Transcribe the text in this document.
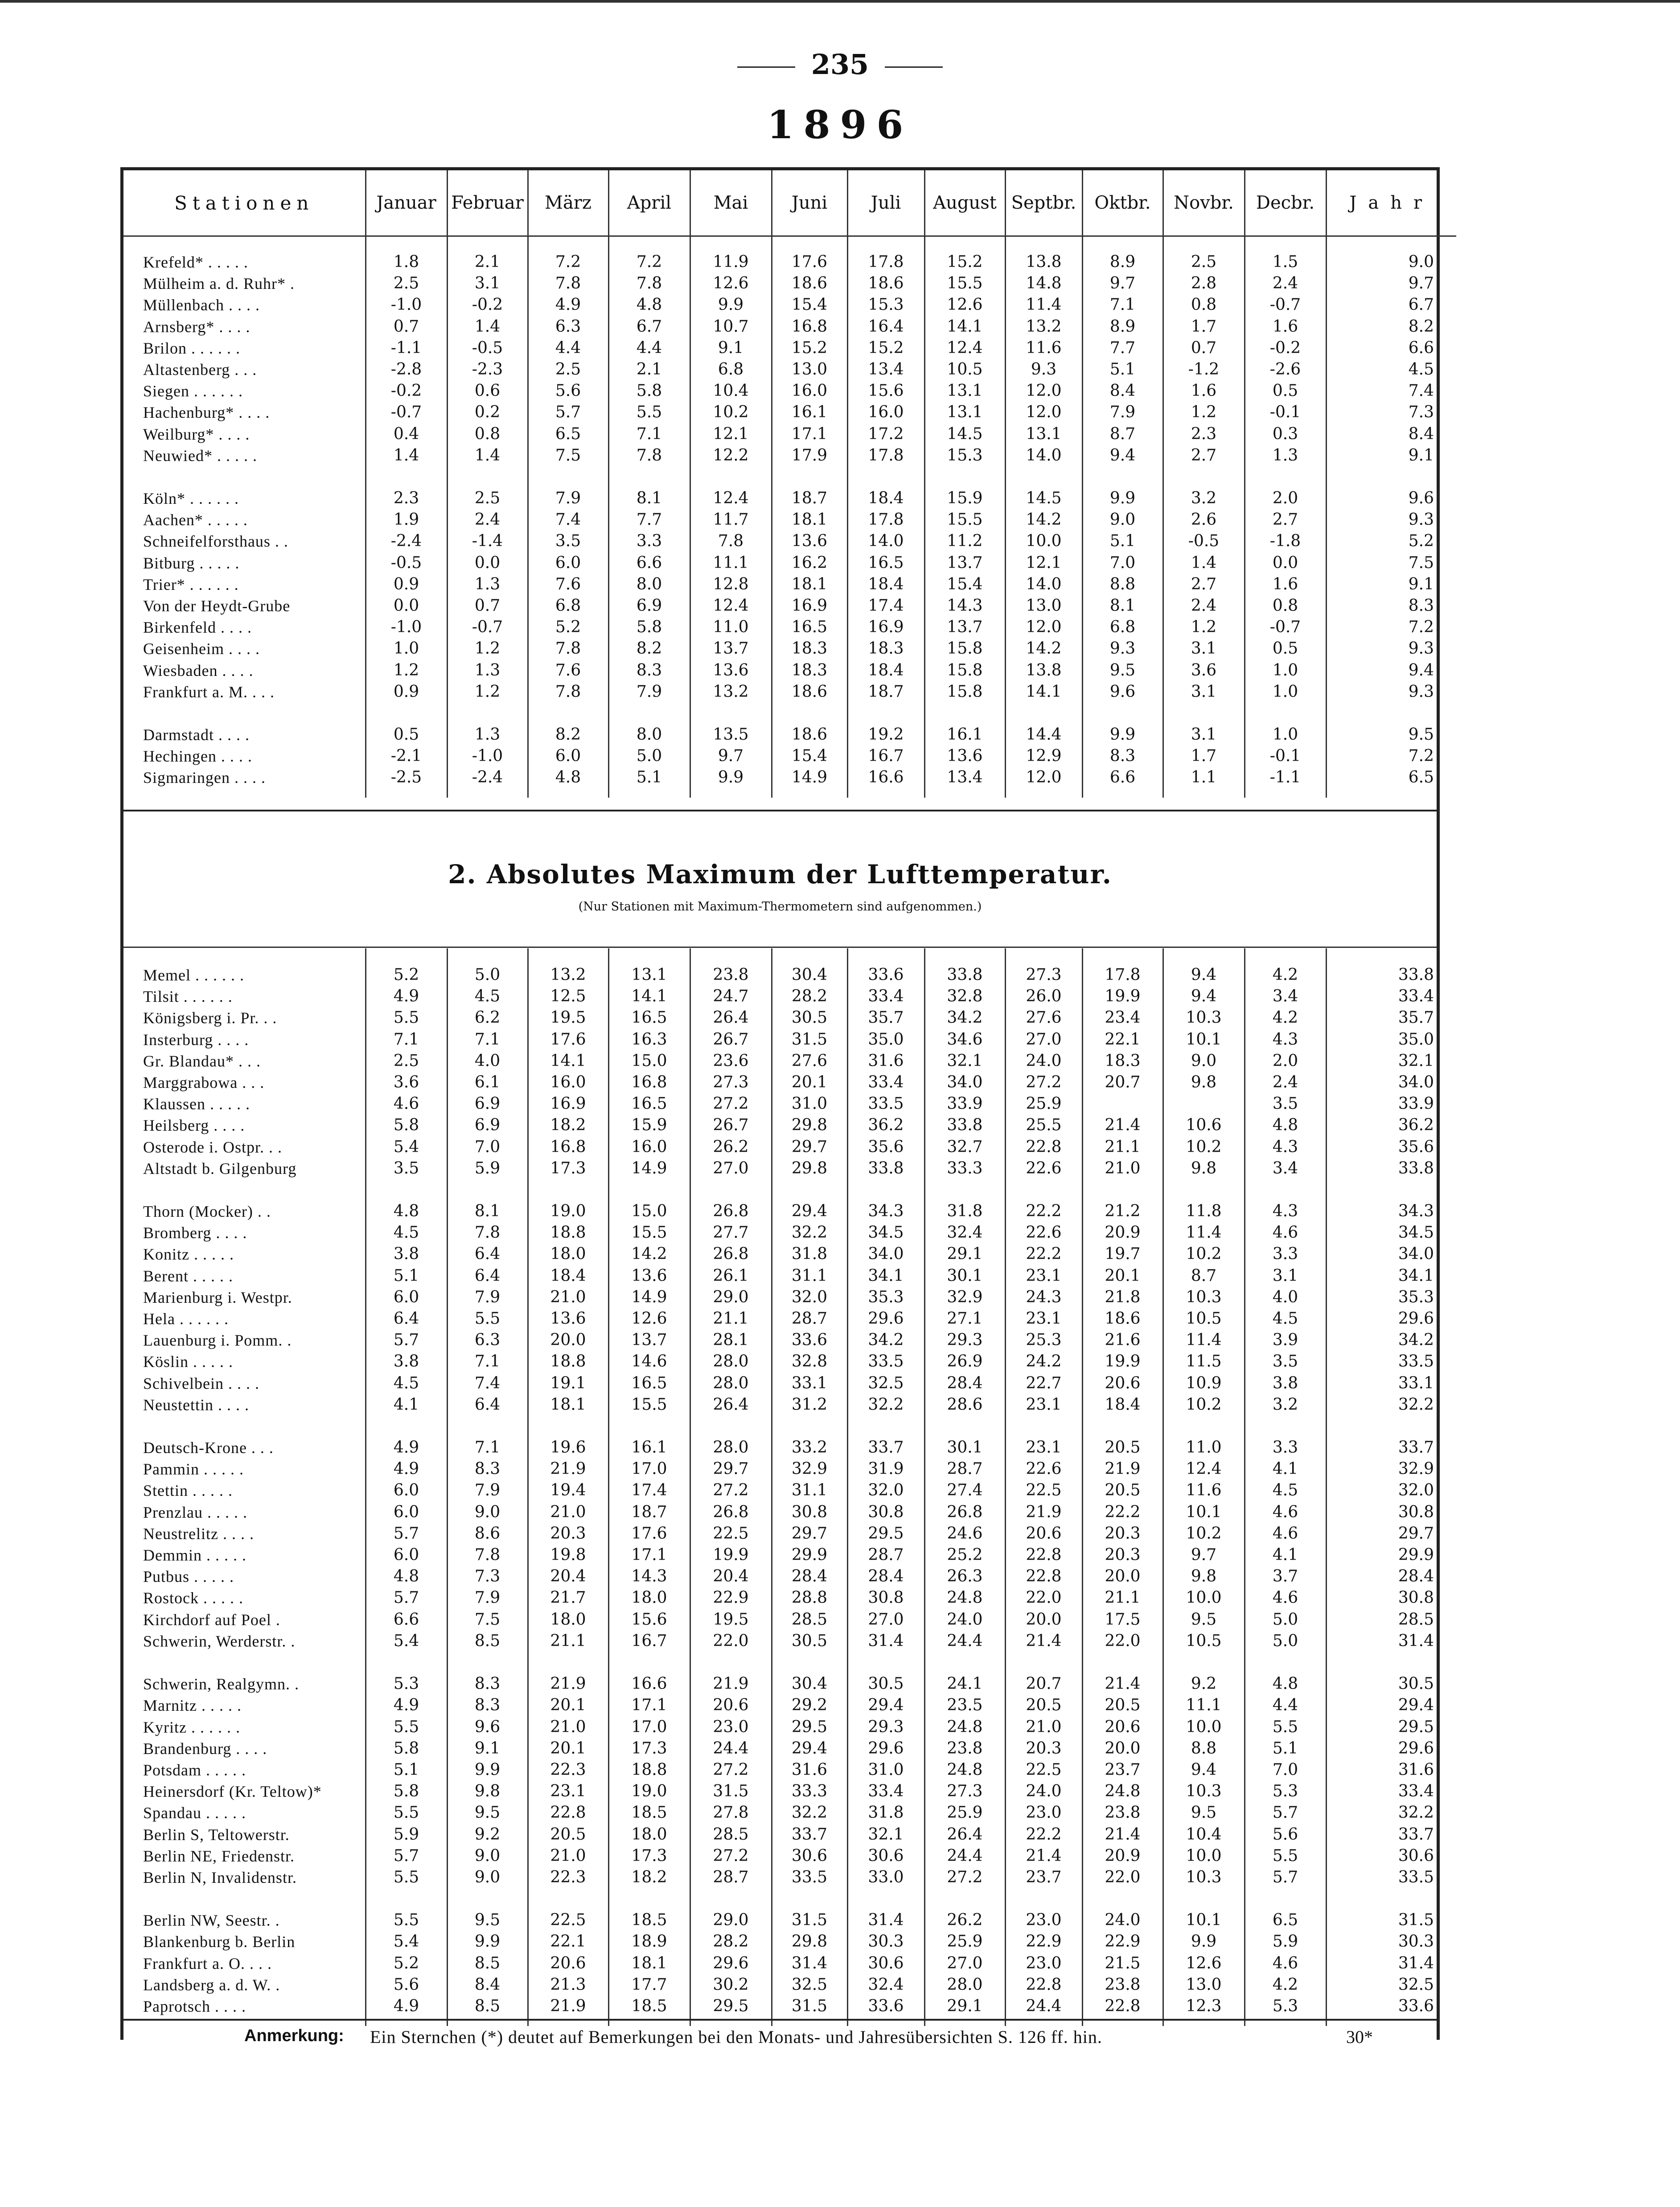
235
1896
Stationen	Januar	Februar	März	April	Mai	Juni	Juli	August	Septbr.	Oktbr.	Novbr.	Decbr.	Jahr

Krefeld* . . . . .	1.8	2.1	7.2	7.2	11.9	17.6	17.8	15.2	13.8	8.9	2.5	1.5	9.0
Mülheim a. d. Ruhr* .	2.5	3.1	7.8	7.8	12.6	18.6	18.6	15.5	14.8	9.7	2.8	2.4	9.7
Müllenbach . . . .	-1.0	-0.2	4.9	4.8	9.9	15.4	15.3	12.6	11.4	7.1	0.8	-0.7	6.7
Arnsberg* . . . .	0.7	1.4	6.3	6.7	10.7	16.8	16.4	14.1	13.2	8.9	1.7	1.6	8.2
Brilon . . . . . .	-1.1	-0.5	4.4	4.4	9.1	15.2	15.2	12.4	11.6	7.7	0.7	-0.2	6.6
Altastenberg . . .	-2.8	-2.3	2.5	2.1	6.8	13.0	13.4	10.5	9.3	5.1	-1.2	-2.6	4.5
Siegen . . . . . .	-0.2	0.6	5.6	5.8	10.4	16.0	15.6	13.1	12.0	8.4	1.6	0.5	7.4
Hachenburg* . . . .	-0.7	0.2	5.7	5.5	10.2	16.1	16.0	13.1	12.0	7.9	1.2	-0.1	7.3
Weilburg* . . . .	0.4	0.8	6.5	7.1	12.1	17.1	17.2	14.5	13.1	8.7	2.3	0.3	8.4
Neuwied* . . . . .	1.4	1.4	7.5	7.8	12.2	17.9	17.8	15.3	14.0	9.4	2.7	1.3	9.1

Köln* . . . . . .	2.3	2.5	7.9	8.1	12.4	18.7	18.4	15.9	14.5	9.9	3.2	2.0	9.6
Aachen* . . . . .	1.9	2.4	7.4	7.7	11.7	18.1	17.8	15.5	14.2	9.0	2.6	2.7	9.3
Schneifelforsthaus . .	-2.4	-1.4	3.5	3.3	7.8	13.6	14.0	11.2	10.0	5.1	-0.5	-1.8	5.2
Bitburg . . . . .	-0.5	0.0	6.0	6.6	11.1	16.2	16.5	13.7	12.1	7.0	1.4	0.0	7.5
Trier* . . . . . .	0.9	1.3	7.6	8.0	12.8	18.1	18.4	15.4	14.0	8.8	2.7	1.6	9.1
Von der Heydt-Grube	0.0	0.7	6.8	6.9	12.4	16.9	17.4	14.3	13.0	8.1	2.4	0.8	8.3
Birkenfeld . . . .	-1.0	-0.7	5.2	5.8	11.0	16.5	16.9	13.7	12.0	6.8	1.2	-0.7	7.2
Geisenheim . . . .	1.0	1.2	7.8	8.2	13.7	18.3	18.3	15.8	14.2	9.3	3.1	0.5	9.3
Wiesbaden . . . .	1.2	1.3	7.6	8.3	13.6	18.3	18.4	15.8	13.8	9.5	3.6	1.0	9.4
Frankfurt a. M. . . .	0.9	1.2	7.8	7.9	13.2	18.6	18.7	15.8	14.1	9.6	3.1	1.0	9.3

Darmstadt . . . .	0.5	1.3	8.2	8.0	13.5	18.6	19.2	16.1	14.4	9.9	3.1	1.0	9.5
Hechingen . . . .	-2.1	-1.0	6.0	5.0	9.7	15.4	16.7	13.6	12.9	8.3	1.7	-0.1	7.2
Sigmaringen . . . .	-2.5	-2.4	4.8	5.1	9.9	14.9	16.6	13.4	12.0	6.6	1.1	-1.1	6.5

2. Absolutes Maximum der Lufttemperatur.
(Nur Stationen mit Maximum-Thermometern sind aufgenommen.)

Memel . . . . . .	5.2	5.0	13.2	13.1	23.8	30.4	33.6	33.8	27.3	17.8	9.4	4.2	33.8
Tilsit . . . . . .	4.9	4.5	12.5	14.1	24.7	28.2	33.4	32.8	26.0	19.9	9.4	3.4	33.4
Königsberg i. Pr. . .	5.5	6.2	19.5	16.5	26.4	30.5	35.7	34.2	27.6	23.4	10.3	4.2	35.7
Insterburg . . . .	7.1	7.1	17.6	16.3	26.7	31.5	35.0	34.6	27.0	22.1	10.1	4.3	35.0
Gr. Blandau* . . .	2.5	4.0	14.1	15.0	23.6	27.6	31.6	32.1	24.0	18.3	9.0	2.0	32.1
Marggrabowa . . .	3.6	6.1	16.0	16.8	27.3	20.1	33.4	34.0	27.2	20.7	9.8	2.4	34.0
Klaussen . . . . .	4.6	6.9	16.9	16.5	27.2	31.0	33.5	33.9	25.9			3.5	33.9
Heilsberg . . . .	5.8	6.9	18.2	15.9	26.7	29.8	36.2	33.8	25.5	21.4	10.6	4.8	36.2
Osterode i. Ostpr. . .	5.4	7.0	16.8	16.0	26.2	29.7	35.6	32.7	22.8	21.1	10.2	4.3	35.6
Altstadt b. Gilgenburg	3.5	5.9	17.3	14.9	27.0	29.8	33.8	33.3	22.6	21.0	9.8	3.4	33.8

Thorn (Mocker) . .	4.8	8.1	19.0	15.0	26.8	29.4	34.3	31.8	22.2	21.2	11.8	4.3	34.3
Bromberg . . . .	4.5	7.8	18.8	15.5	27.7	32.2	34.5	32.4	22.6	20.9	11.4	4.6	34.5
Konitz . . . . .	3.8	6.4	18.0	14.2	26.8	31.8	34.0	29.1	22.2	19.7	10.2	3.3	34.0
Berent . . . . .	5.1	6.4	18.4	13.6	26.1	31.1	34.1	30.1	23.1	20.1	8.7	3.1	34.1
Marienburg i. Westpr.	6.0	7.9	21.0	14.9	29.0	32.0	35.3	32.9	24.3	21.8	10.3	4.0	35.3
Hela . . . . . .	6.4	5.5	13.6	12.6	21.1	28.7	29.6	27.1	23.1	18.6	10.5	4.5	29.6
Lauenburg i. Pomm. .	5.7	6.3	20.0	13.7	28.1	33.6	34.2	29.3	25.3	21.6	11.4	3.9	34.2
Köslin . . . . .	3.8	7.1	18.8	14.6	28.0	32.8	33.5	26.9	24.2	19.9	11.5	3.5	33.5
Schivelbein . . . .	4.5	7.4	19.1	16.5	28.0	33.1	32.5	28.4	22.7	20.6	10.9	3.8	33.1
Neustettin . . . .	4.1	6.4	18.1	15.5	26.4	31.2	32.2	28.6	23.1	18.4	10.2	3.2	32.2

Deutsch-Krone . . .	4.9	7.1	19.6	16.1	28.0	33.2	33.7	30.1	23.1	20.5	11.0	3.3	33.7
Pammin . . . . .	4.9	8.3	21.9	17.0	29.7	32.9	31.9	28.7	22.6	21.9	12.4	4.1	32.9
Stettin . . . . .	6.0	7.9	19.4	17.4	27.2	31.1	32.0	27.4	22.5	20.5	11.6	4.5	32.0
Prenzlau . . . . .	6.0	9.0	21.0	18.7	26.8	30.8	30.8	26.8	21.9	22.2	10.1	4.6	30.8
Neustrelitz . . . .	5.7	8.6	20.3	17.6	22.5	29.7	29.5	24.6	20.6	20.3	10.2	4.6	29.7
Demmin . . . . .	6.0	7.8	19.8	17.1	19.9	29.9	28.7	25.2	22.8	20.3	9.7	4.1	29.9
Putbus . . . . .	4.8	7.3	20.4	14.3	20.4	28.4	28.4	26.3	22.8	20.0	9.8	3.7	28.4
Rostock . . . . .	5.7	7.9	21.7	18.0	22.9	28.8	30.8	24.8	22.0	21.1	10.0	4.6	30.8
Kirchdorf auf Poel .	6.6	7.5	18.0	15.6	19.5	28.5	27.0	24.0	20.0	17.5	9.5	5.0	28.5
Schwerin, Werderstr. .	5.4	8.5	21.1	16.7	22.0	30.5	31.4	24.4	21.4	22.0	10.5	5.0	31.4

Schwerin, Realgymn. .	5.3	8.3	21.9	16.6	21.9	30.4	30.5	24.1	20.7	21.4	9.2	4.8	30.5
Marnitz . . . . .	4.9	8.3	20.1	17.1	20.6	29.2	29.4	23.5	20.5	20.5	11.1	4.4	29.4
Kyritz . . . . . .	5.5	9.6	21.0	17.0	23.0	29.5	29.3	24.8	21.0	20.6	10.0	5.5	29.5
Brandenburg . . . .	5.8	9.1	20.1	17.3	24.4	29.4	29.6	23.8	20.3	20.0	8.8	5.1	29.6
Potsdam . . . . .	5.1	9.9	22.3	18.8	27.2	31.6	31.0	24.8	22.5	23.7	9.4	7.0	31.6
Heinersdorf (Kr. Teltow)*	5.8	9.8	23.1	19.0	31.5	33.3	33.4	27.3	24.0	24.8	10.3	5.3	33.4
Spandau . . . . .	5.5	9.5	22.8	18.5	27.8	32.2	31.8	25.9	23.0	23.8	9.5	5.7	32.2
Berlin S, Teltowerstr.	5.9	9.2	20.5	18.0	28.5	33.7	32.1	26.4	22.2	21.4	10.4	5.6	33.7
Berlin NE, Friedenstr.	5.7	9.0	21.0	17.3	27.2	30.6	30.6	24.4	21.4	20.9	10.0	5.5	30.6
Berlin N, Invalidenstr.	5.5	9.0	22.3	18.2	28.7	33.5	33.0	27.2	23.7	22.0	10.3	5.7	33.5

Berlin NW, Seestr. .	5.5	9.5	22.5	18.5	29.0	31.5	31.4	26.2	23.0	24.0	10.1	6.5	31.5
Blankenburg b. Berlin	5.4	9.9	22.1	18.9	28.2	29.8	30.3	25.9	22.9	22.9	9.9	5.9	30.3
Frankfurt a. O. . . .	5.2	8.5	20.6	18.1	29.6	31.4	30.6	27.0	23.0	21.5	12.6	4.6	31.4
Landsberg a. d. W. .	5.6	8.4	21.3	17.7	30.2	32.5	32.4	28.0	22.8	23.8	13.0	4.2	32.5
Paprotsch . . . .	4.9	8.5	21.9	18.5	29.5	31.5	33.6	29.1	24.4	22.8	12.3	5.3	33.6

Anmerkung: Ein Sternchen (*) deutet auf Bemerkungen bei den Monats- und Jahresübersichten S. 126 ff. hin.	30*
